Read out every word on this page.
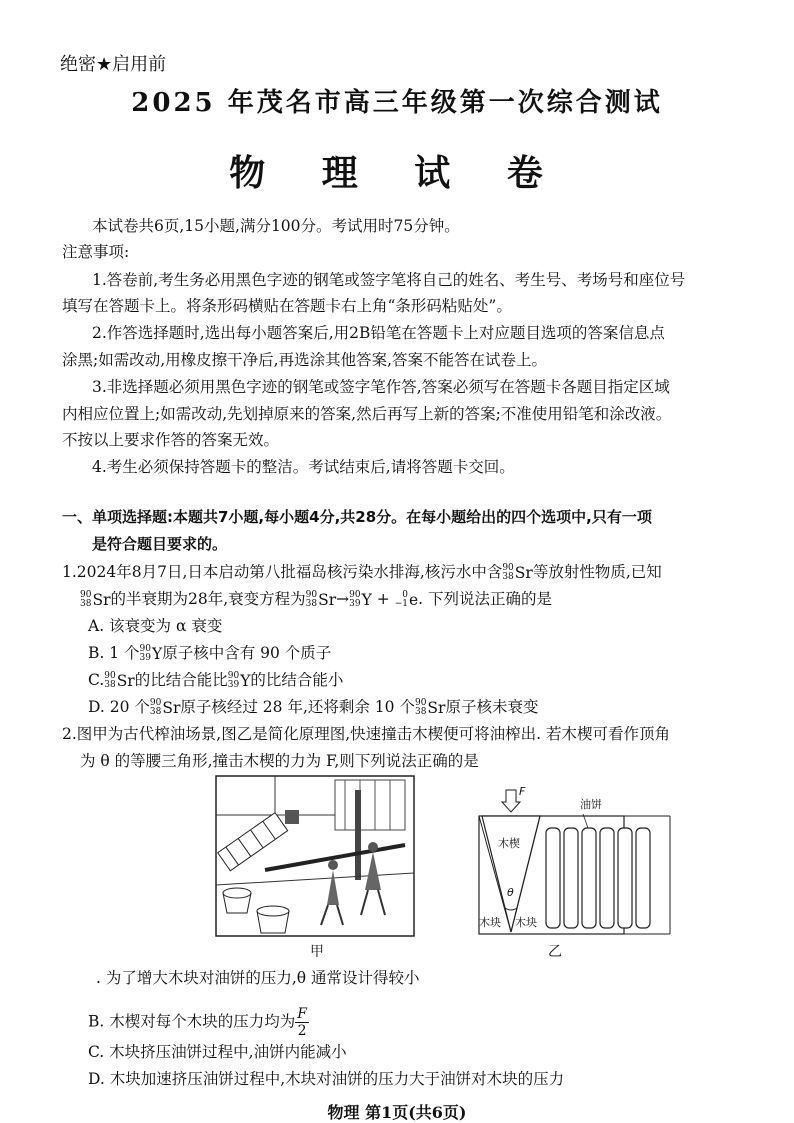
绝密★启用前
2025 年茂名市高三年级第一次综合测试
物 理 试 卷
本试卷共6页,15小题,满分100分。考试用时75分钟。
注意事项:
1.答卷前,考生务必用黑色字迹的钢笔或签字笔将自己的姓名、考生号、考场号和座位号
填写在答题卡上。将条形码横贴在答题卡右上角“条形码粘贴处”。
2.作答选择题时,选出每小题答案后,用2B铅笔在答题卡上对应题目选项的答案信息点
涂黑;如需改动,用橡皮擦干净后,再选涂其他答案,答案不能答在试卷上。
3.非选择题必须用黑色字迹的钢笔或签字笔作答,答案必须写在答题卡各题目指定区域
内相应位置上;如需改动,先划掉原来的答案,然后再写上新的答案;不准使用铅笔和涂改液。
不按以上要求作答的答案无效。
4.考生必须保持答题卡的整洁。考试结束后,请将答题卡交回。
一、单项选择题:本题共7小题,每小题4分,共28分。在每小题给出的四个选项中,只有一项
是符合题目要求的。
1.2024年8月7日,日本启动第八批福岛核污染水排海,核污水中含 90
38 Sr 等放射性物质,已知
90
38 Sr 的半衰期为28年,衰变方程为 90
38 Sr → 90
39 Y +	0
−1 e . 下列说法正确的是
A. 该衰变为 α 衰变
B. 1 个 90
39 Y 原子核中含有 90 个质子
C. 90
38 Sr 的比结合能比 90
39 Y 的比结合能小
D. 20 个 90
38 Sr 原子核经过 28 年,还将剩余 10 个 90
38 Sr 原子核未衰变
2.图甲为古代榨油场景,图乙是简化原理图,快速撞击木楔便可将油榨出. 若木楔可看作顶角
为 θ 的等腰三角形,撞击木楔的力为 F,则下列说法正确的是
甲
F
木楔
油饼
θ
木块 木块
乙
. 为了增大木块对油饼的压力,θ 通常设计得较小
B. 木楔对每个木块的压力均为 $\frac{F}{2}$
C. 木块挤压油饼过程中,油饼内能减小
D. 木块加速挤压油饼过程中,木块对油饼的压力大于油饼对木块的压力
物理 第1页(共6页)
